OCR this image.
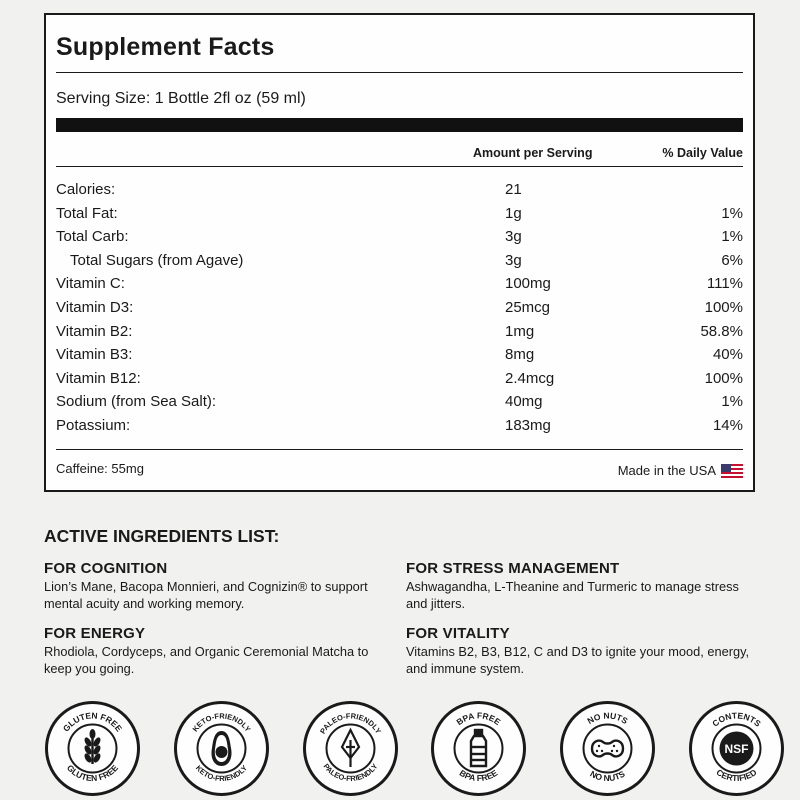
Supplement Facts
Serving Size: 1 Bottle 2fl oz (59 ml)
Amount per Serving	% Daily Value
Calories:	21
Total Fat:	1g	1%
Total Carb:	3g	1%
Total Sugars (from Agave)	3g	6%
Vitamin C:	100mg	111%
Vitamin D3:	25mcg	100%
Vitamin B2:	1mg	58.8%
Vitamin B3:	8mg	40%
Vitamin B12:	2.4mcg	100%
Sodium (from Sea Salt):	40mg	1%
Potassium:	183mg	14%
Caffeine: 55mg	Made in the USA
ACTIVE INGREDIENTS LIST:
FOR COGNITION
Lion’s Mane, Bacopa Monnieri, and Cognizin® to support mental acuity and working memory.
FOR STRESS MANAGEMENT
Ashwagandha, L-Theanine and Turmeric to manage stress and jitters.
FOR ENERGY
Rhodiola, Cordyceps, and Organic Ceremonial Matcha to keep you going.
FOR VITALITY
Vitamins B2, B3, B12, C and D3 to ignite your mood, energy, and immune system.
GLUTEN FREE
GLUTEN FREE
KETO-FRIENDLY
KETO-FRIENDLY
PALEO-FRIENDLY
PALEO-FRIENDLY
BPA FREE
BPA FREE
NO NUTS
NO NUTS
CONTENTS
CERTIFIED
NSF
